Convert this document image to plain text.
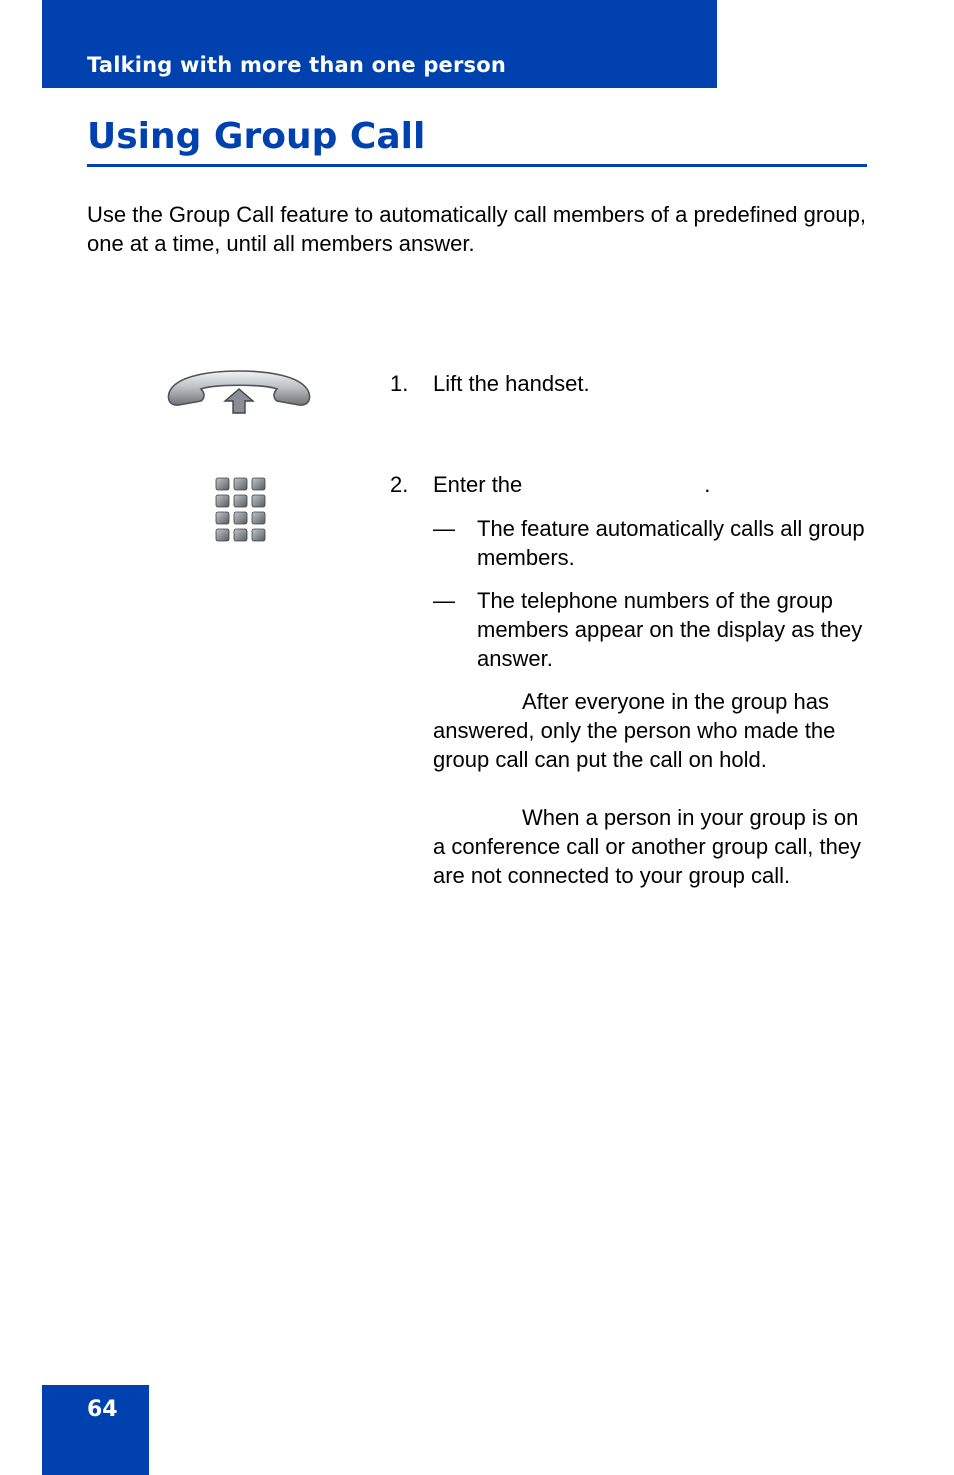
Talking with more than one person
Using Group Call

Use the Group Call feature to automatically call members of a predefined group, one at a time, until all members answer.

1. Lift the handset.
2. Enter the	.
— The feature automatically calls all group members.
— The telephone numbers of the group members appear on the display as they answer.

After everyone in the group has answered, only the person who made the group call can put the call on hold.

When a person in your group is on a conference call or another group call, they are not connected to your group call.

64
